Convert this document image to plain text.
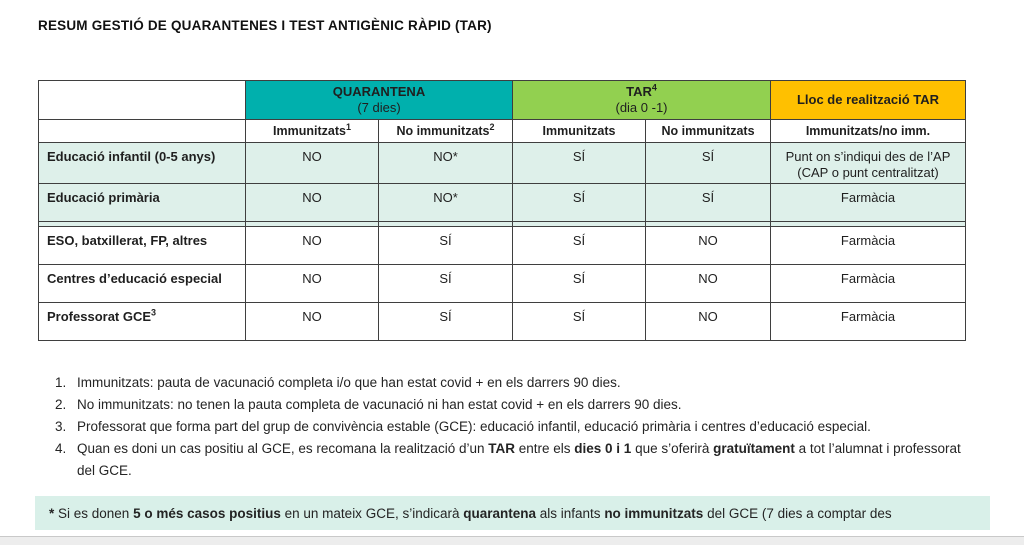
RESUM GESTIÓ DE QUARANTENES I TEST ANTIGÈNIC RÀPID (TAR)

QUARANTENA
(7 dies)

TAR$^4$
(dia 0 -1)

Lloc de realització TAR

	Immunitzats$^1$	No immunitzats$^2$	Immunitzats	No immunitzats	Immunitzats/no imm.
Educació infantil (0-5 anys)	NO	NO*	SÍ	SÍ	Punt on s’indiqui des de l’AP (CAP o punt centralitzat)
Educació primària	NO	NO*	SÍ	SÍ	Farmàcia

ESO, batxillerat, FP, altres	NO	SÍ	SÍ	NO	Farmàcia
Centres d’educació especial	NO	SÍ	SÍ	NO	Farmàcia
Professorat GCE$^3$	NO	SÍ	SÍ	NO	Farmàcia
1. Immunitzats: pauta de vacunació completa i/o que han estat covid + en els darrers 90 dies.
2. No immunitzats: no tenen la pauta completa de vacunació ni han estat covid + en els darrers 90 dies.
3. Professorat que forma part del grup de convivència estable (GCE): educació infantil, educació primària i centres d’educació especial.
4. Quan es doni un cas positiu al GCE, es recomana la realització d’un TAR entre els dies 0 i 1 que s’oferirà gratuïtament a tot l’alumnat i professorat del GCE.
* Si es donen 5 o més casos positius en un mateix GCE, s’indicarà quarantena als infants no immunitzats del GCE (7 dies a comptar des
